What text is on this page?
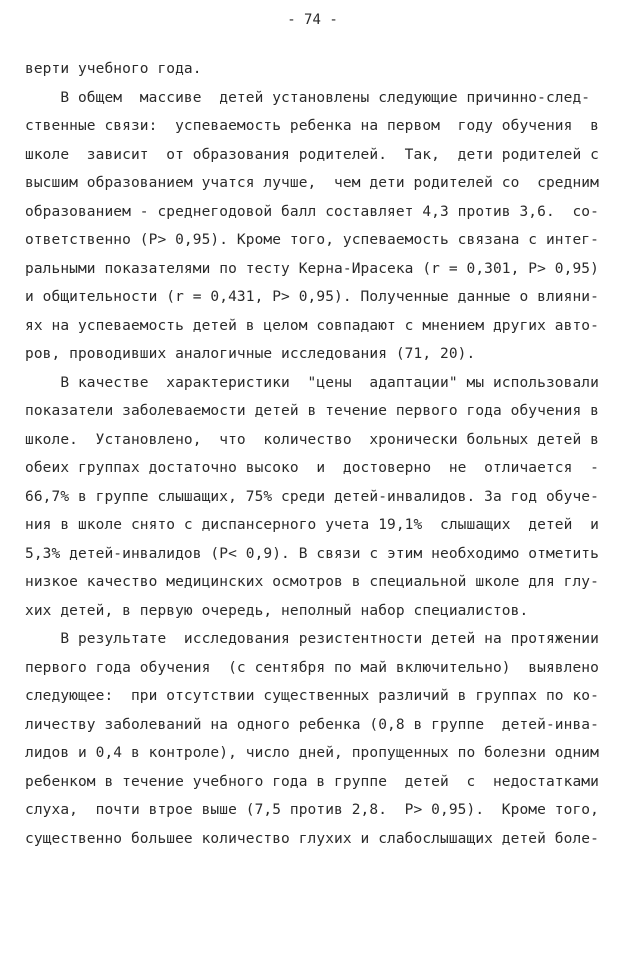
- 74 -
верти учебного года.
В общем  массиве  детей установлены следующие причинно-след-
ственные связи:  успеваемость ребенка на первом  году обучения  в
школе  зависит  от образования родителей.  Так,  дети родителей с
высшим образованием учатся лучше,  чем дети родителей со  средним
образованием - среднегодовой балл составляет 4,3 против 3,6.  со-
ответственно (Р> 0,95). Кроме того, успеваемость связана с интег-
ральными показателями по тесту Керна-Ирасека (r = 0,301, Р> 0,95)
и общительности (r = 0,431, Р> 0,95). Полученные данные о влияни-
ях на успеваемость детей в целом совпадают с мнением других авто-
ров, проводивших аналогичные исследования (71, 20).
В качестве  характеристики  "цены  адаптации" мы использовали
показатели заболеваемости детей в течение первого года обучения в
школе.  Установлено,  что  количество  хронически больных детей в
обеих группах достаточно высоко  и  достоверно  не  отличается  -
66,7% в группе слышащих, 75% среди детей-инвалидов. За год обуче-
ния в школе снято с диспансерного учета 19,1%  слышащих  детей  и
5,3% детей-инвалидов (Р< 0,9). В связи с этим необходимо отметить
низкое качество медицинских осмотров в специальной школе для глу-
хих детей, в первую очередь, неполный набор специалистов.
В результате  исследования резистентности детей на протяжении
первого года обучения  (с сентября по май включительно)  выявлено
следующее:  при отсутствии существенных различий в группах по ко-
личеству заболеваний на одного ребенка (0,8 в группе  детей-инва-
лидов и 0,4 в контроле), число дней, пропущенных по болезни одним
ребенком в течение учебного года в группе  детей  с  недостатками
слуха,  почти втрое выше (7,5 против 2,8.  Р> 0,95).  Кроме того,
существенно большее количество глухих и слабослышащих детей боле-
